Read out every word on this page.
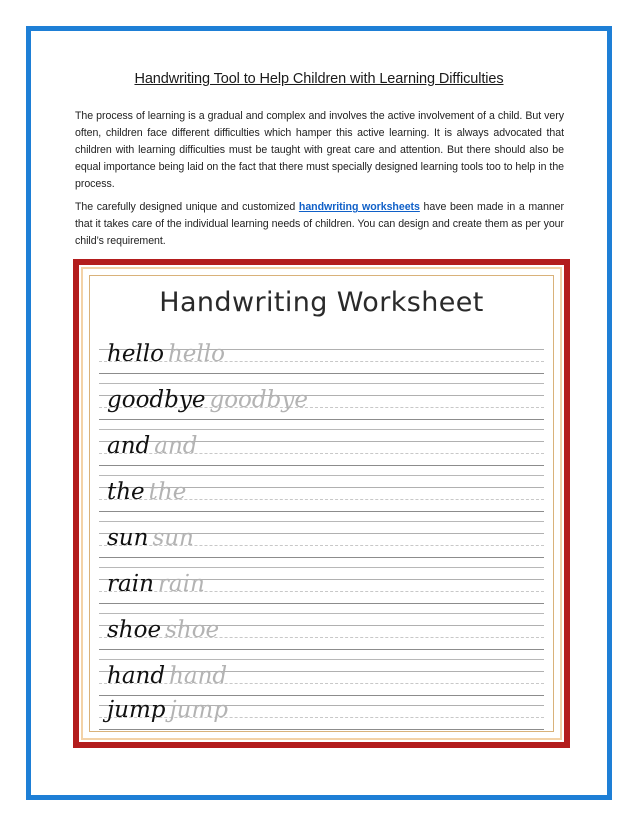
Handwriting Tool to Help Children with Learning Difficulties

The process of learning is a gradual and complex and involves the active involvement of a child. But very often, children face different difficulties which hamper this active learning. It is always advocated that children with learning difficulties must be taught with great care and attention. But there should also be equal importance being laid on the fact that there must specially designed learning tools too to help in the process.

The carefully designed unique and customized handwriting worksheets have been made in a manner that it takes care of the individual learning needs of children. You can design and create them as per your child’s requirement.

Handwriting Worksheet
hello hello
goodbye goodbye
and and
the the
sun sun
rain rain
shoe shoe
hand hand
jump jump
